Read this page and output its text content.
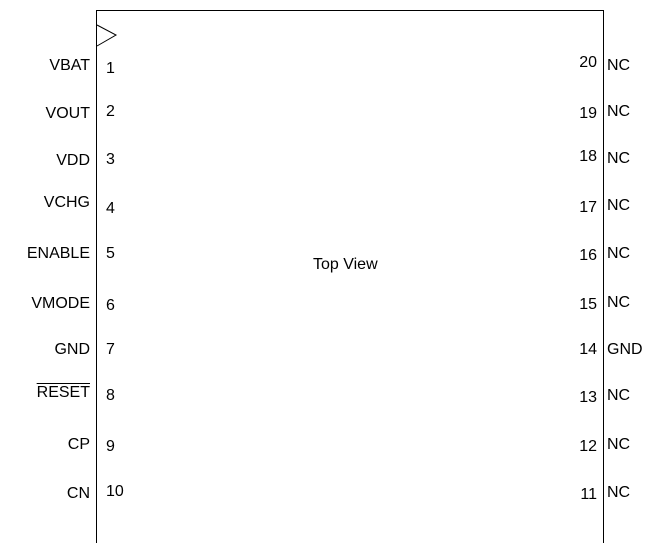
Top View
VBAT 1
VOUT 2
VDD 3
VCHG 4
ENABLE 5
VMODE 6
GND 7
RESET 8
CP 9
CN 10
20 NC
19 NC
18 NC
17 NC
16 NC
15 NC
14 GND
13 NC
12 NC
11 NC
